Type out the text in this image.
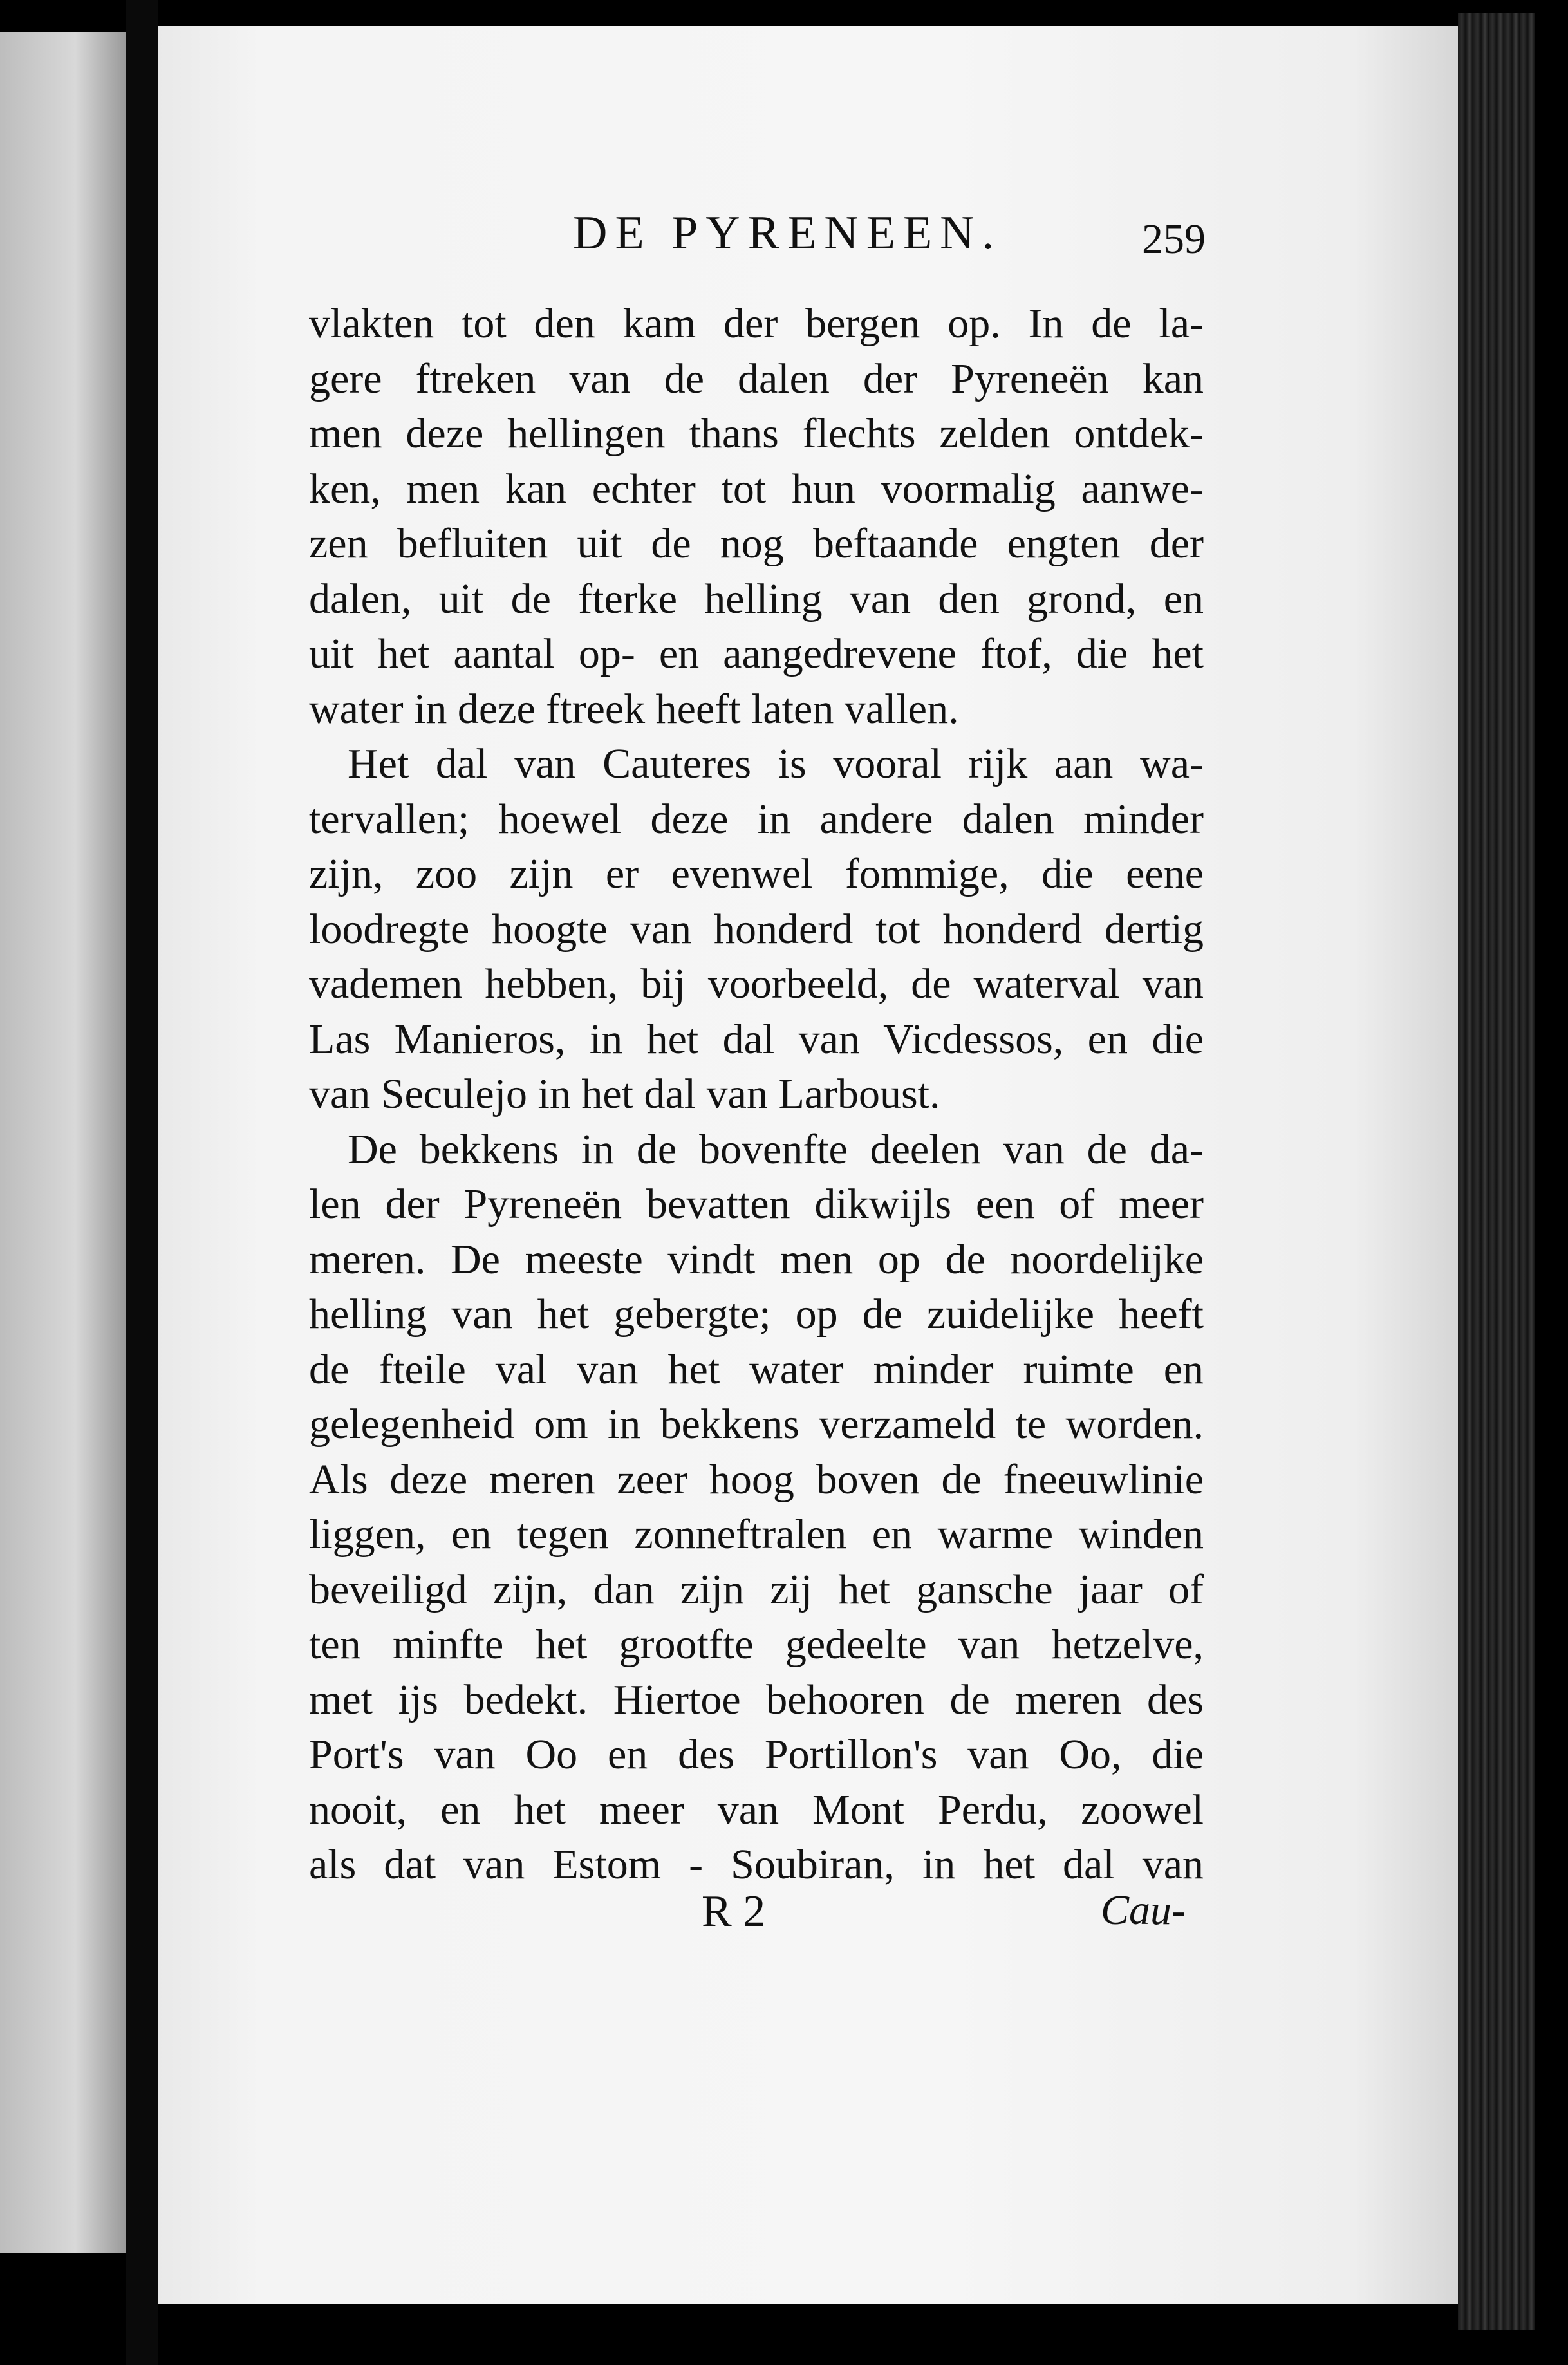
DE PYRENEEN.	259
vlakten tot den kam der bergen op. In de la-
gere ftreken van de dalen der Pyreneën kan
men deze hellingen thans flechts zelden ontdek-
ken, men kan echter tot hun voormalig aanwe-
zen befluiten uit de nog beftaande engten der
dalen, uit de fterke helling van den grond, en
uit het aantal op- en aangedrevene ftof, die het
water in deze ftreek heeft laten vallen.
Het dal van Cauteres is vooral rijk aan wa-
tervallen; hoewel deze in andere dalen minder
zijn, zoo zijn er evenwel fommige, die eene
loodregte hoogte van honderd tot honderd dertig
vademen hebben, bij voorbeeld, de waterval van
Las Manieros, in het dal van Vicdessos, en die
van Seculejo in het dal van Larboust.
De bekkens in de bovenfte deelen van de da-
len der Pyreneën bevatten dikwijls een of meer
meren. De meeste vindt men op de noordelijke
helling van het gebergte; op de zuidelijke heeft
de fteile val van het water minder ruimte en
gelegenheid om in bekkens verzameld te worden.
Als deze meren zeer hoog boven de fneeuwlinie
liggen, en tegen zonneftralen en warme winden
beveiligd zijn, dan zijn zij het gansche jaar of
ten minfte het grootfte gedeelte van hetzelve,
met ijs bedekt. Hiertoe behooren de meren des
Port's van Oo en des Portillon's van Oo, die
nooit, en het meer van Mont Perdu, zoowel
als dat van Estom - Soubiran, in het dal van
R 2	Cau-
